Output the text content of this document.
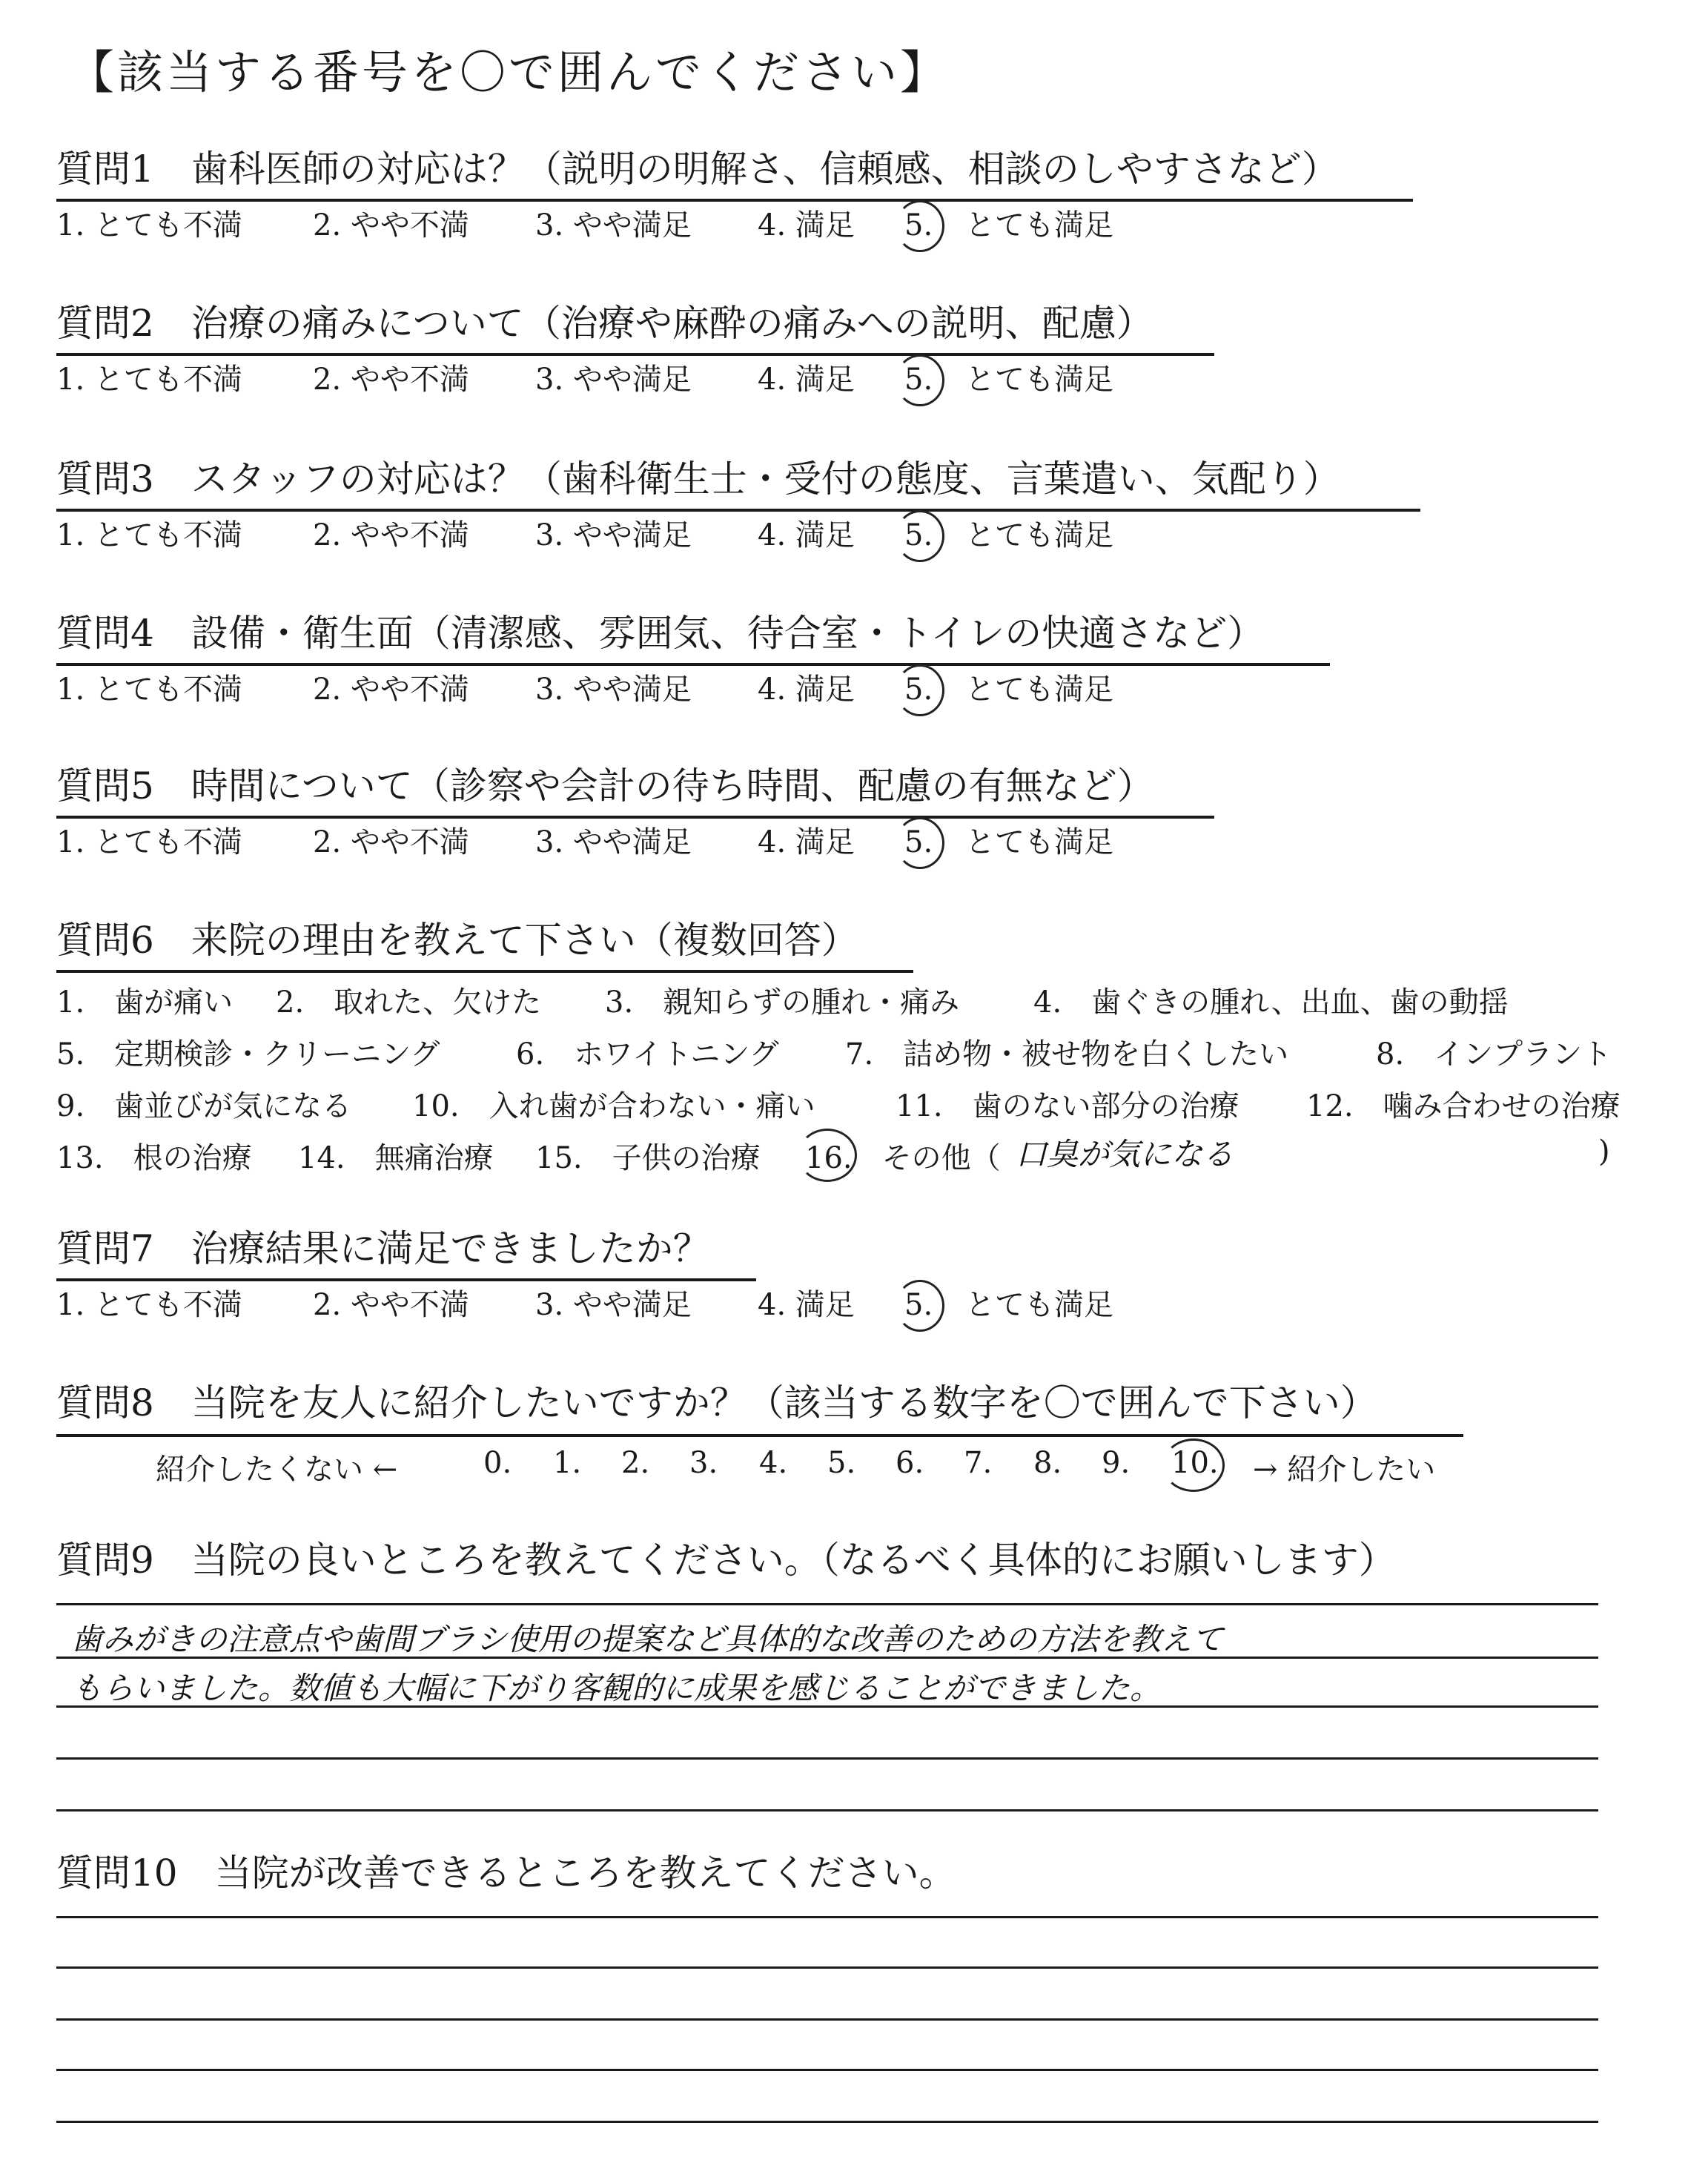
【該当する番号を〇で囲んでください】
質問1　歯科医師の対応は？（説明の明解さ、信頼感、相談のしやすさなど）
1. とても不満 2. やや不満 3. やや満足 4. 満足 5. とても満足
質問2　治療の痛みについて（治療や麻酔の痛みへの説明、配慮）
1. とても不満 2. やや不満 3. やや満足 4. 満足 5. とても満足
質問3　スタッフの対応は？（歯科衛生士・受付の態度、言葉遣い、気配り）
1. とても不満 2. やや不満 3. やや満足 4. 満足 5. とても満足
質問4　設備・衛生面（清潔感、雰囲気、待合室・トイレの快適さなど）
1. とても不満 2. やや不満 3. やや満足 4. 満足 5. とても満足
質問5　時間について（診察や会計の待ち時間、配慮の有無など）
1. とても不満 2. やや不満 3. やや満足 4. 満足 5. とても満足
質問6　来院の理由を教えて下さい（複数回答）
1.　歯が痛い 2.　取れた、欠けた 3.　親知らずの腫れ・痛み 4.　歯ぐきの腫れ、出血、歯の動揺
5.　定期検診・クリーニング	6.　ホワイトニング 7.　詰め物・被せ物を白くしたい	8.　インプラント
9.　歯並びが気になる 10.　入れ歯が合わない・痛い	11.　歯のない部分の治療 12.　噛み合わせの治療
13.　根の治療 14.　無痛治療 15.　子供の治療 16.　その他（	)
口臭が気になる
質問7　治療結果に満足できましたか？
1. とても不満 2. やや不満 3. やや満足 4. 満足 5. とても満足
質問8　当院を友人に紹介したいですか？（該当する数字を〇で囲んで下さい）
紹介したくない ←	0. 1. 2. 3. 4. 5. 6. 7. 8. 9. 10. → 紹介したい
質問9　当院の良いところを教えてください。（なるべく具体的にお願いします）
歯みがきの注意点や歯間ブラシ使用の提案など具体的な改善のための方法を教えて
もらいました。数値も大幅に下がり客観的に成果を感じることができました。
質問10　当院が改善できるところを教えてください。
